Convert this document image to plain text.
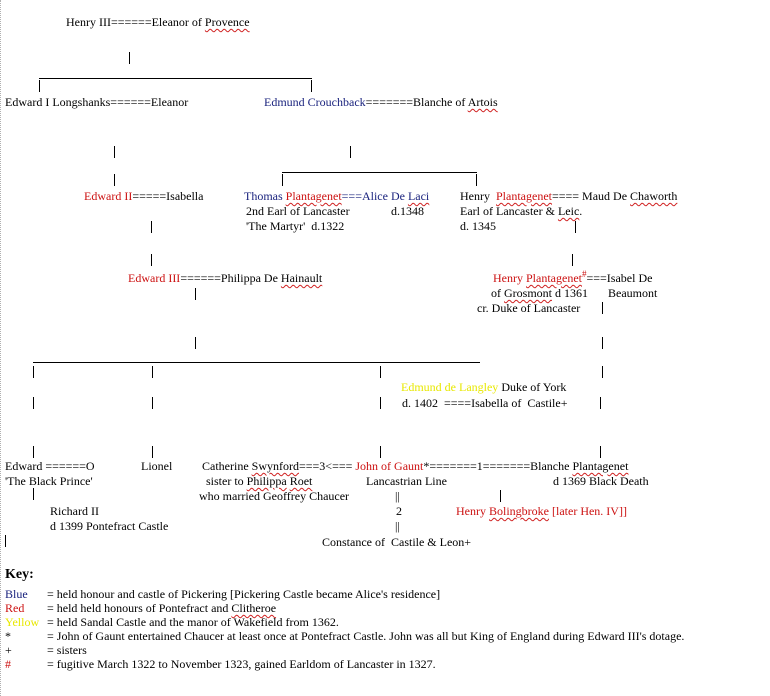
Henry III======Eleanor of Provence
Edward I Longshanks======Eleanor	Edmund Crouchback=======Blanche of Artois
Edward II=====Isabella	Thomas Plantagenet===Alice De Laci
2nd Earl of Lancaster	d.1348
'The Martyr'  d.1322
Henry  Plantagenet==== Maud De Chaworth
Earl of Lancaster & Leic.
d. 1345
Edward III======Philippa De Hainault	Henry Plantagenet#===Isabel De
of Grosmont d 1361 Beaumont
cr. Duke of Lancaster
Edmund de Langley Duke of York
d. 1402  ====Isabella of  Castile+
Edward ======O
'The Black Prince'
Lionel Catherine Swynford===3<=== John of Gaunt*=======1=======Blanche Plantagenet
sister to Philippa Roet
who married Geoffrey Chaucer
Lancastrian Line	d 1369 Black Death
||
Richard II
d 1399 Pontefract Castle
2	Henry Bolingbroke [later Hen. IV]]
||
Constance of  Castile & Leon+
Key:
Blue = held honour and castle of Pickering [Pickering Castle became Alice's residence]
Red = held held honours of Pontefract and Clitheroe
Yellow = held Sandal Castle and the manor of Wakefield from 1362.
*	= John of Gaunt entertained Chaucer at least once at Pontefract Castle. John was all but King of England during Edward III's dotage.
+	= sisters
#	= fugitive March 1322 to November 1323, gained Earldom of Lancaster in 1327.
